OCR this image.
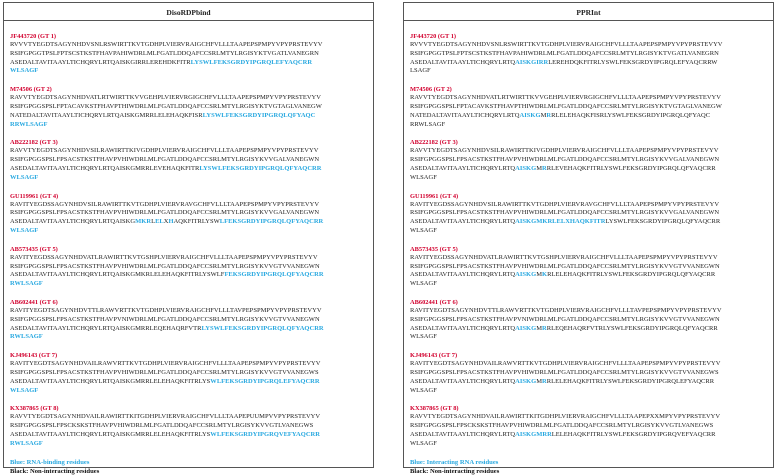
DisoRDPbind
JF443720 (GT 1)
RVVVTYEGDTSAGYNHDVSNLRSWIRTTKVTGDHPLVIERVRAIGCHFVLLLTAAPEPSPMPYVPYPRSTEVYV
RSIFGPGGTPSLFPTSCSTKSTFHAVPAHIWDRLMLFGATLDDQAFCCSRLMTYLRGISYKTVGATLVANEGRN
ASEDALTAVITAAYLTICHQRYLRTQAISKGIRRLEREHDKFITRLYSWLFEKSGRDYIPGRQLEFYAQCRR
WLSAGF
M74506 (GT 2)
RAVVTYEGDTSAGYNHDVATLRTWIRTTKVVGEHPLVIERVRGIGCHFVLLLTAAPEPSPMPYVPYPRSTEVYV
RSIFGPGGSPSLFPTACAVKSTFHAVPTHIWDRLMLFGATLDDQAFCCSRLMTYLRGISYKTVGTAGLVANEGW
NATEDALTAVITAAYLTICHQRYLRTQAISKGMRRLELEHAQKFISRLYSWLFEKSGRDYIPGRQLQFYAQC
RRWLSAGF
AB222182 (GT 3)
RAVVTYEGDTSAGYNHDVSILRAWIRTTKIVGDHPLVIERVRAIGCHFVLLLTAAPEPSPMPYVPYPRSTEVYV
RSIFGPGGSPSLFPSACSTKSTFHAVPVHIWDRLMLFGATLDDQAFCCSRLMTYLRGISYKVVGALVANEGWN
ASEDALTAVITAAYLTICHQRYLRTQAISKGMRRLEVEHAQKFITRLYSWLFEKSGRDYIPGRQLQFYAQCRR
WLSAGF
GU119961 (GT 4)
RAVITYEGDSSAGYNHDVSILRAWIRTTKVTGDHPLVIERVRAVGCHFVLLLTAAPEPSPMPYVPYPRSTEVYV
RSIFGPGGSPSLFPSACSTKSTFHAVPVHIWDRLMLFGATLDDQAFCCSRLMTYLRGISYKVVGALVANEGWN
ASEDALTAVITAAYLTICHQRYLRTQAISKGMKRLELXHAQKFITRLYSWLFEKSGRDYIPGRQLQFYAQCRR
WLSAGF
AB573435 (GT 5)
RAVITYEGDSSAGYNHDVATLRAWIRTTKVTGSHPLVIERVRAIGCHFVLLLTAAPEPSPMPYVPYPRSTEVYV
RSIFGPGGSPSLFPSACSTKSTFHAVPVHIWDRLMLFGATLDDQAFCCSRLMTYLRGISYKVVGTVVANEGWN
ASEDALTAVITAAYLTICHQRYLRTQAISKGMKRLELEHAQKFITRLYSWLFFEKSGRDYIPGRQLQFYAQCRR
RWLSAGF
AB602441 (GT 6)
RAVITYEGDTSAGYNHDVTTLRAWVRTTKVTGDHPLVIERVRAIGCHFVLLLTAVPEPSPMPYVPYPRSTEVYV
RSIFGPGGSPSLFPSACSTKSTFHAVPVNIWDRLMLFGATLDDQAFCCSRLMTYLRGISYKVVGTVVANEGWN
ASEDALTAVITAAYLTICHQRYLRTQAISKGMRRLEQEHAQRFVTRLYSWLFEKSGRDYIPGRQLQFYAQCRR
RWLSAGF
KJ496143 (GT 7)
RAVITYEGDTSAGYNHDVAILRAWVRTTKVTGDHPLVIERVRAIGCHFVLLLTAAPEPSPMPYVPYPRSTEVYV
RSIFGPGGSPSLFPSACSTKSTFHAVPVHIWDRLMLFGATLDDQAFCCSRLMTYLRGISYKVVGTVVANEGWS
ASEDALTAVITAAYLTICHQRYLRTQAISKGMRRLELEHAQKFITRLYSWLFEKSGRDYIPGRQLEFYAQCRR
WLSAGF
KX387865 (GT 8)
RAVVTYEGDTSAGYNHDVAILRAWIRTTKITGDHPLVIERVRAIGCHFVLLLTAAPEPUUMPVVPYPRSTEVYV
RSIFGPGGSPSLFPSCKSKSTFHAVPVHIWDRLMLFGATLDDQAFCCSRLMTYLRGISYKVVGTLVANEGWS
ASEDALTAVITAAYLTICHQRYLRTQAISKGMRRLELEHAQKFITRLYSWLFEKSGRDYIPGRQVEFYAQCRR
RWLSAGF
Blue: RNA-binding residues
Black: Non-interacting residues
PPRInt
JF443720 (GT 1)
RVVVTYEGDTSAGYNHDVSNLRSWIRTTKVTGDHPLVIERVRAIGCHFVLLLTAAPEPSPMPYVPYPRSTEVYV
RSIFGPGGTPSLFPTSCSTKSTFHAVPAHIWDRLMLFGATLDDQAFCCSRLMTYLRGISYKTVGATLVANEGRN
ASEDALTAVITAAYLTICHQRYLRTQAISKGIRRLEREHDQKFITRLYSWLFEKSGRDYIPGRQLEFYAQCRRW
LSAGF
M74506 (GT 2)
RAVVTYEGDTSAGYNHDVATLRTWIRTTKVVGEHPLVIERVRGIGCHFVLLLTAAPEPSPMPYVPYPRSTEVYV
RSIFGPGGSPSLFPTACAVKSTFHAVPTHIWDRLMLFGATLDDQAFCCSRLMTYLRGISYKTVGTAGLVANEGW
NATEDALTAVITAAYLTICHQRYLRTQAISKGMRRLELEHAQKFISRLYSWLFEKSGRDYIPGRQLQFYAQC
RRWLSAGF
AB222182 (GT 3)
RAVVTYEGDTSAGYNHDVSILRAWIRTTKIVGDHPLVIERVRAIGCHFVLLLTAAPEPSPMPYVPYPRSTEVYV
RSIFGPGGSPSLFPSACSTKSTFHAVPVHIWDRLMLFGATLDDQAFCCSRLMTYLRGISYKVVGALVANEGWN
ASEDALTAVITAAYLTICHQRYLRTQAISKGMRRLEVEHAQKFITRLYSWLFEKSGRDYIPGRQLQFYAQCRR
WLSAGF
GU119961 (GT 4)
RAVITYEGDSSAGYNHDVSILRAWIRTTKVTGDHPLVIERVRAVGCHFVLLLTAAPEPSPMPYVPYPRSTEVYV
RSIFGPGGSPSLFPSACSTKSTFHAVPVHIWDRLMLFGATLDDQAFCCSRLMTYLRGISYKVVGALVANEGWN
ASEDALTAVITAAYLTICHQRYLRTQAISKGMKRLELXHAQKFITRLYSWLFEKSGRDYIPGRQLQFYAQCRR
WLSAGF
AB573435 (GT 5)
RAVITYEGDSSAGYNHDVATLRAWIRTTKVTGSHPLVIERVRAIGCHFVLLLTAAPEPSPMPYVPYPRSTEVYV
RSIFGPGGSPSLFPSACSTKSTFHAVPVHIWDRLMLFGATLDDQAFCCSRLMTYLRGISYKVVGTVVANEGWN
ASEDALTAVITAAYLTICHQRYLRTQAISKGMKRLELEHAQKFITRLYSWLFEKSGRDYIPGRQLQFYAQCRR
WLSAGF
AB602441 (GT 6)
RAVITYEGDTSAGYNHDVTTLRAWVRTTKVTGDHPLVIERVRAIGCHFVLLLTAVPEPSPMPYVPYPRSTEVYV
RSIFGPGGSPSLFPSACSTKSTFHAVPVNIWDRLMLFGATLDDQAFCCSRLMTYLRGISYKVVGTVVANEGWN
ASEDALTAVITAAYLTICHQRYLRTQAISKGMRRLEQEHAQRFVTRLYSWLFEKSGRDYIPGRQLQFYAQCRR
WLSAGF
KJ496143 (GT 7)
RAVITYEGDTSAGYNHDVAILRAWVRTTKVTGDHPLVIERVRAIGCHFVLLLTAAPEPSPMPYVPYPRSTEVYV
RSIFGPGGSPSLFPSACSTKSTFHAVPVHIWDRLMLFGATLDDQAFCCSRLMTYLRGISYKVVGTVVANEGWS
ASEDALTAVITAAYLTICHQRYLRTQAISKGMRRLELEHAQKFITRLYSWLFEKSGRDYIPGRQLEFYAQCRR
WLSAGF
KX387865 (GT 8)
RAVVTYEGDTSAGYNHDVAILRAWIRTTKITGDHPLVIERVRAIGCHFVLLLTAAPEPXXMPYVPYPRSTEVYV
RSIFGPGGSPSLFPSCKSKSTFHAVPVHIWDRLMLFGATLDDQAFCCSRLMTYLRGISYKVVGTLVANEGWS
ASEDALTAVITAAYLTICHQRYLRTQAISKGMRRLELEHAQKFITRLYSWLFEKSGRDYIPGRQVEFYAQCRR
WLSAGF
Blue: Interacting RNA residues
Black: Non-interacting residues
